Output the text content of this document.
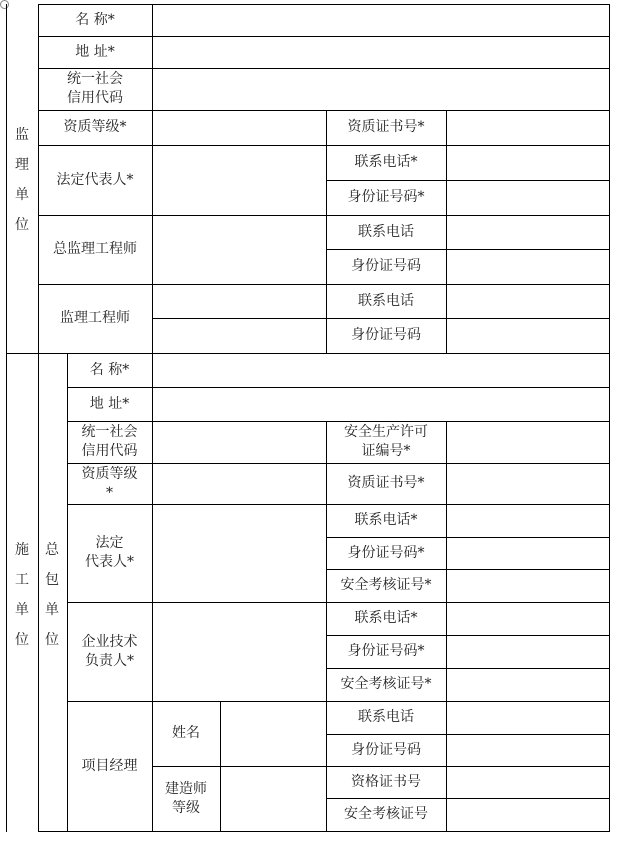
监理单位
名 称*
地 址*
统一社会
信用代码
资质等级*	资质证书号*
法定代表人*
联系电话*
身份证号码*
总监理工程师
联系电话
身份证号码
监理工程师
联系电话
身份证号码
施工单位
总包单位
名 称*
地 址*
统一社会
信用代码
安全生产许可
证编号*
资质等级
*
资质证书号*
法定
代表人*
联系电话*
身份证号码*
安全考核证号*
企业技术
负责人*
联系电话*
身份证号码*
安全考核证号*
项目经理
姓名
建造师
等级
联系电话
身份证号码
资格证书号
安全考核证号
